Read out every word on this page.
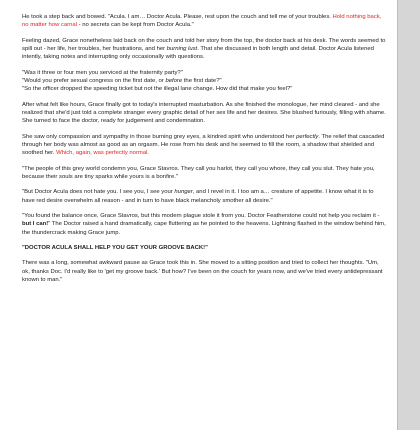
He took a step back and bowed. "Acula. I am… Doctor Acula. Please, rest upon the couch and tell me of your troubles. Hold nothing back, no matter how carnal - no secrets can be kept from Doctor Acula."

Feeling dazed, Grace nonetheless laid back on the couch and told her story from the top, the doctor back at his desk. The words seemed to spill out - her life, her troubles, her frustrations, and her burning lust. That she discussed in both length and detail. Doctor Acula listened intently, taking notes and interrupting only occasionally with questions.

"Was it three or four men you serviced at the fraternity party?"
"Would you prefer sexual congress on the first date, or before the first date?"
"So the officer dropped the speeding ticket but not the illegal lane change. How did that make you feel?"

After what felt like hours, Grace finally got to today's interrupted masturbation. As she finished the monologue, her mind cleared - and she realized that she'd just told a complete stranger every graphic detail of her sex life and her desires. She blushed furiously, filling with shame. She turned to face the doctor, ready for judgement and condemnation.

She saw only compassion and sympathy in those burning grey eyes, a kindred spirit who understood her perfectly. The relief that cascaded through her body was almost as good as an orgasm. He rose from his desk and he seemed to fill the room, a shadow that shielded and soothed her. Which, again, was perfectly normal.

"The people of this grey world condemn you, Grace Stavros. They call you harlot, they call you whore, they call you slut. They hate you, because their souls are tiny sparks while yours is a bonfire."

"But Doctor Acula does not hate you. I see you, I see your hunger, and I revel in it. I too am a… creature of appetite. I know what it is to have red desire overwhelm all reason - and in turn to have black melancholy smother all desire."

"You found the balance once, Grace Stavros, but this modern plague stole it from you. Doctor Featherstone could not help you reclaim it - but I can!" The Doctor raised a hand dramatically, cape fluttering as he pointed to the heavens. Lightning flashed in the window behind him, the thundercrack making Grace jump.

"DOCTOR ACULA SHALL HELP YOU GET YOUR GROOVE BACK!"

There was a long, somewhat awkward pause as Grace took this in. She moved to a sitting position and tried to collect her thoughts. "Um, ok, thanks Doc. I'd really like to 'get my groove back.' But how? I've been on the couch for years now, and we've tried every antidepressant known to man."
